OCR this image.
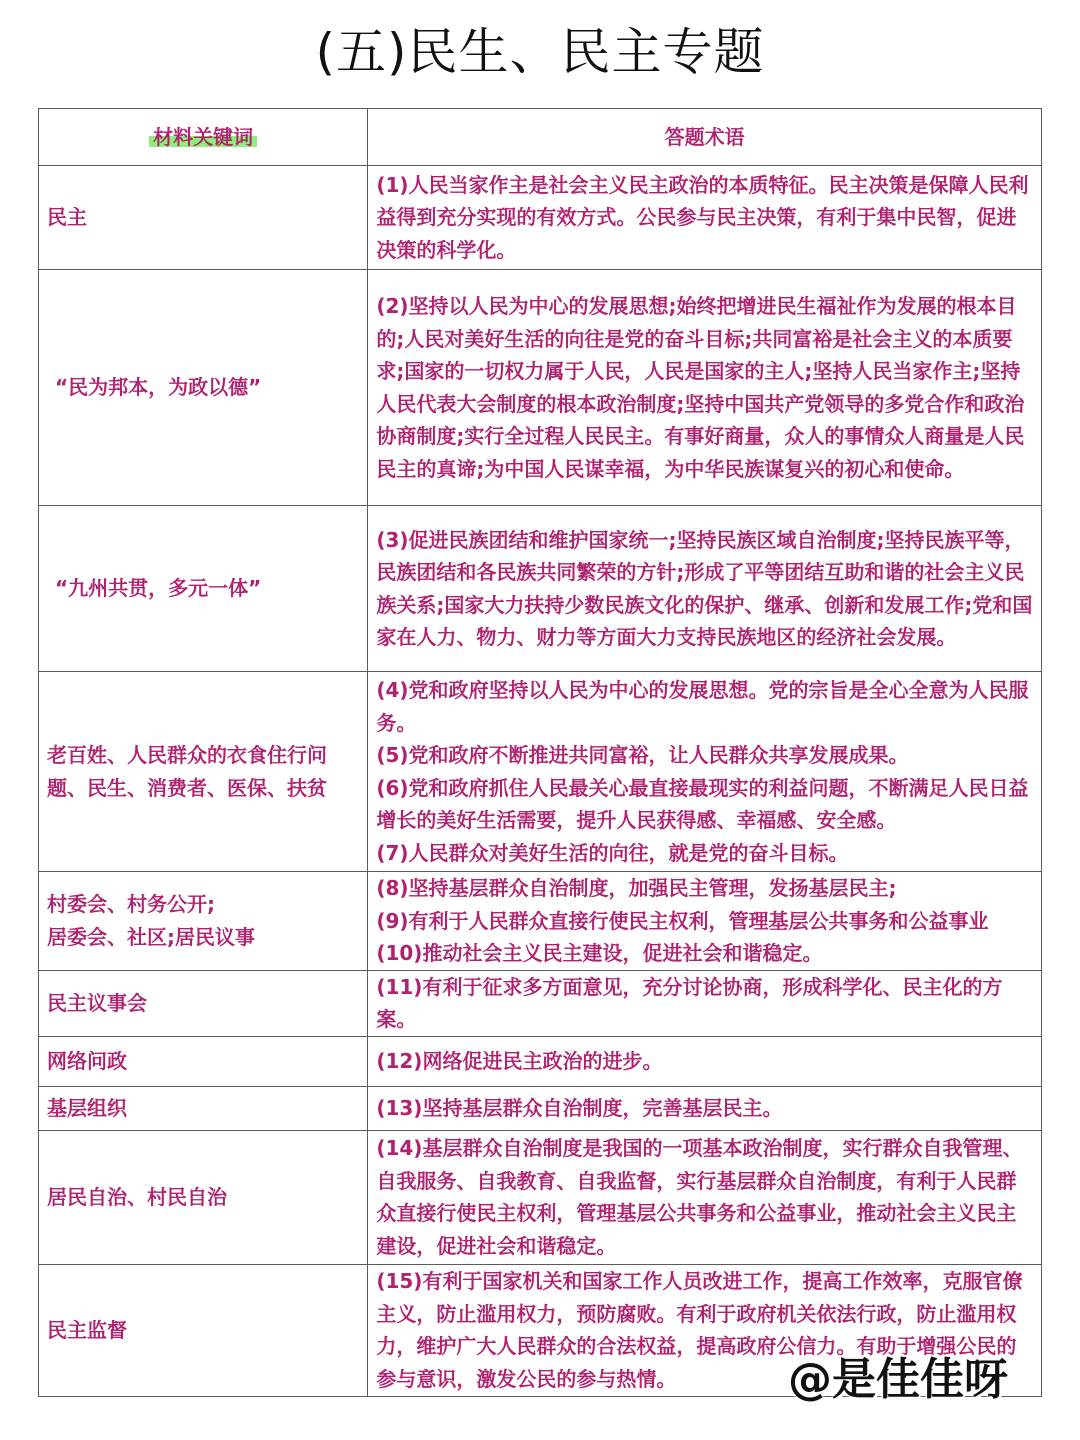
(五)民生、民主专题
材料关键词	答题术语

民主	(1)人民当家作主是社会主义民主政治的本质特征。民主决策是保障人民利益得到充分实现的有效方式。公民参与民主决策，有利于集中民智，促进决策的科学化。

“民为邦本，为政以德”	(2)坚持以人民为中心的发展思想;始终把增进民生福祉作为发展的根本目的;人民对美好生活的向往是党的奋斗目标;共同富裕是社会主义的本质要求;国家的一切权力属于人民，人民是国家的主人;坚持人民当家作主;坚持人民代表大会制度的根本政治制度;坚持中国共产党领导的多党合作和政治协商制度;实行全过程人民民主。有事好商量，众人的事情众人商量是人民民主的真谛;为中国人民谋幸福，为中华民族谋复兴的初心和使命。

“九州共贯，多元一体”	(3)促进民族团结和维护国家统一;坚持民族区域自治制度;坚持民族平等，民族团结和各民族共同繁荣的方针;形成了平等团结互助和谐的社会主义民族关系;国家大力扶持少数民族文化的保护、继承、创新和发展工作;党和国家在人力、物力、财力等方面大力支持民族地区的经济社会发展。

老百姓、人民群众的衣食住行问题、民生、消费者、医保、扶贫	(4)党和政府坚持以人民为中心的发展思想。党的宗旨是全心全意为人民服务。
(5)党和政府不断推进共同富裕，让人民群众共享发展成果。
(6)党和政府抓住人民最关心最直接最现实的利益问题，不断满足人民日益增长的美好生活需要，提升人民获得感、幸福感、安全感。
(7)人民群众对美好生活的向往，就是党的奋斗目标。

村委会、村务公开;
居委会、社区;居民议事	(8)坚持基层群众自治制度，加强民主管理，发扬基层民主;
(9)有利于人民群众直接行使民主权利，管理基层公共事务和公益事业
(10)推动社会主义民主建设，促进社会和谐稳定。

民主议事会	(11)有利于征求多方面意见，充分讨论协商，形成科学化、民主化的方案。

网络问政	(12)网络促进民主政治的进步。

基层组织	(13)坚持基层群众自治制度，完善基层民主。

居民自治、村民自治	(14)基层群众自治制度是我国的一项基本政治制度，实行群众自我管理、自我服务、自我教育、自我监督，实行基层群众自治制度，有利于人民群众直接行使民主权利，管理基层公共事务和公益事业，推动社会主义民主建设，促进社会和谐稳定。

民主监督	(15)有利于国家机关和国家工作人员改进工作，提高工作效率，克服官僚主义，防止滥用权力，预防腐败。有利于政府机关依法行政，防止滥用权力，维护广大人民群众的合法权益，提高政府公信力。有助于增强公民的参与意识，激发公民的参与热情。	@是佳佳呀
